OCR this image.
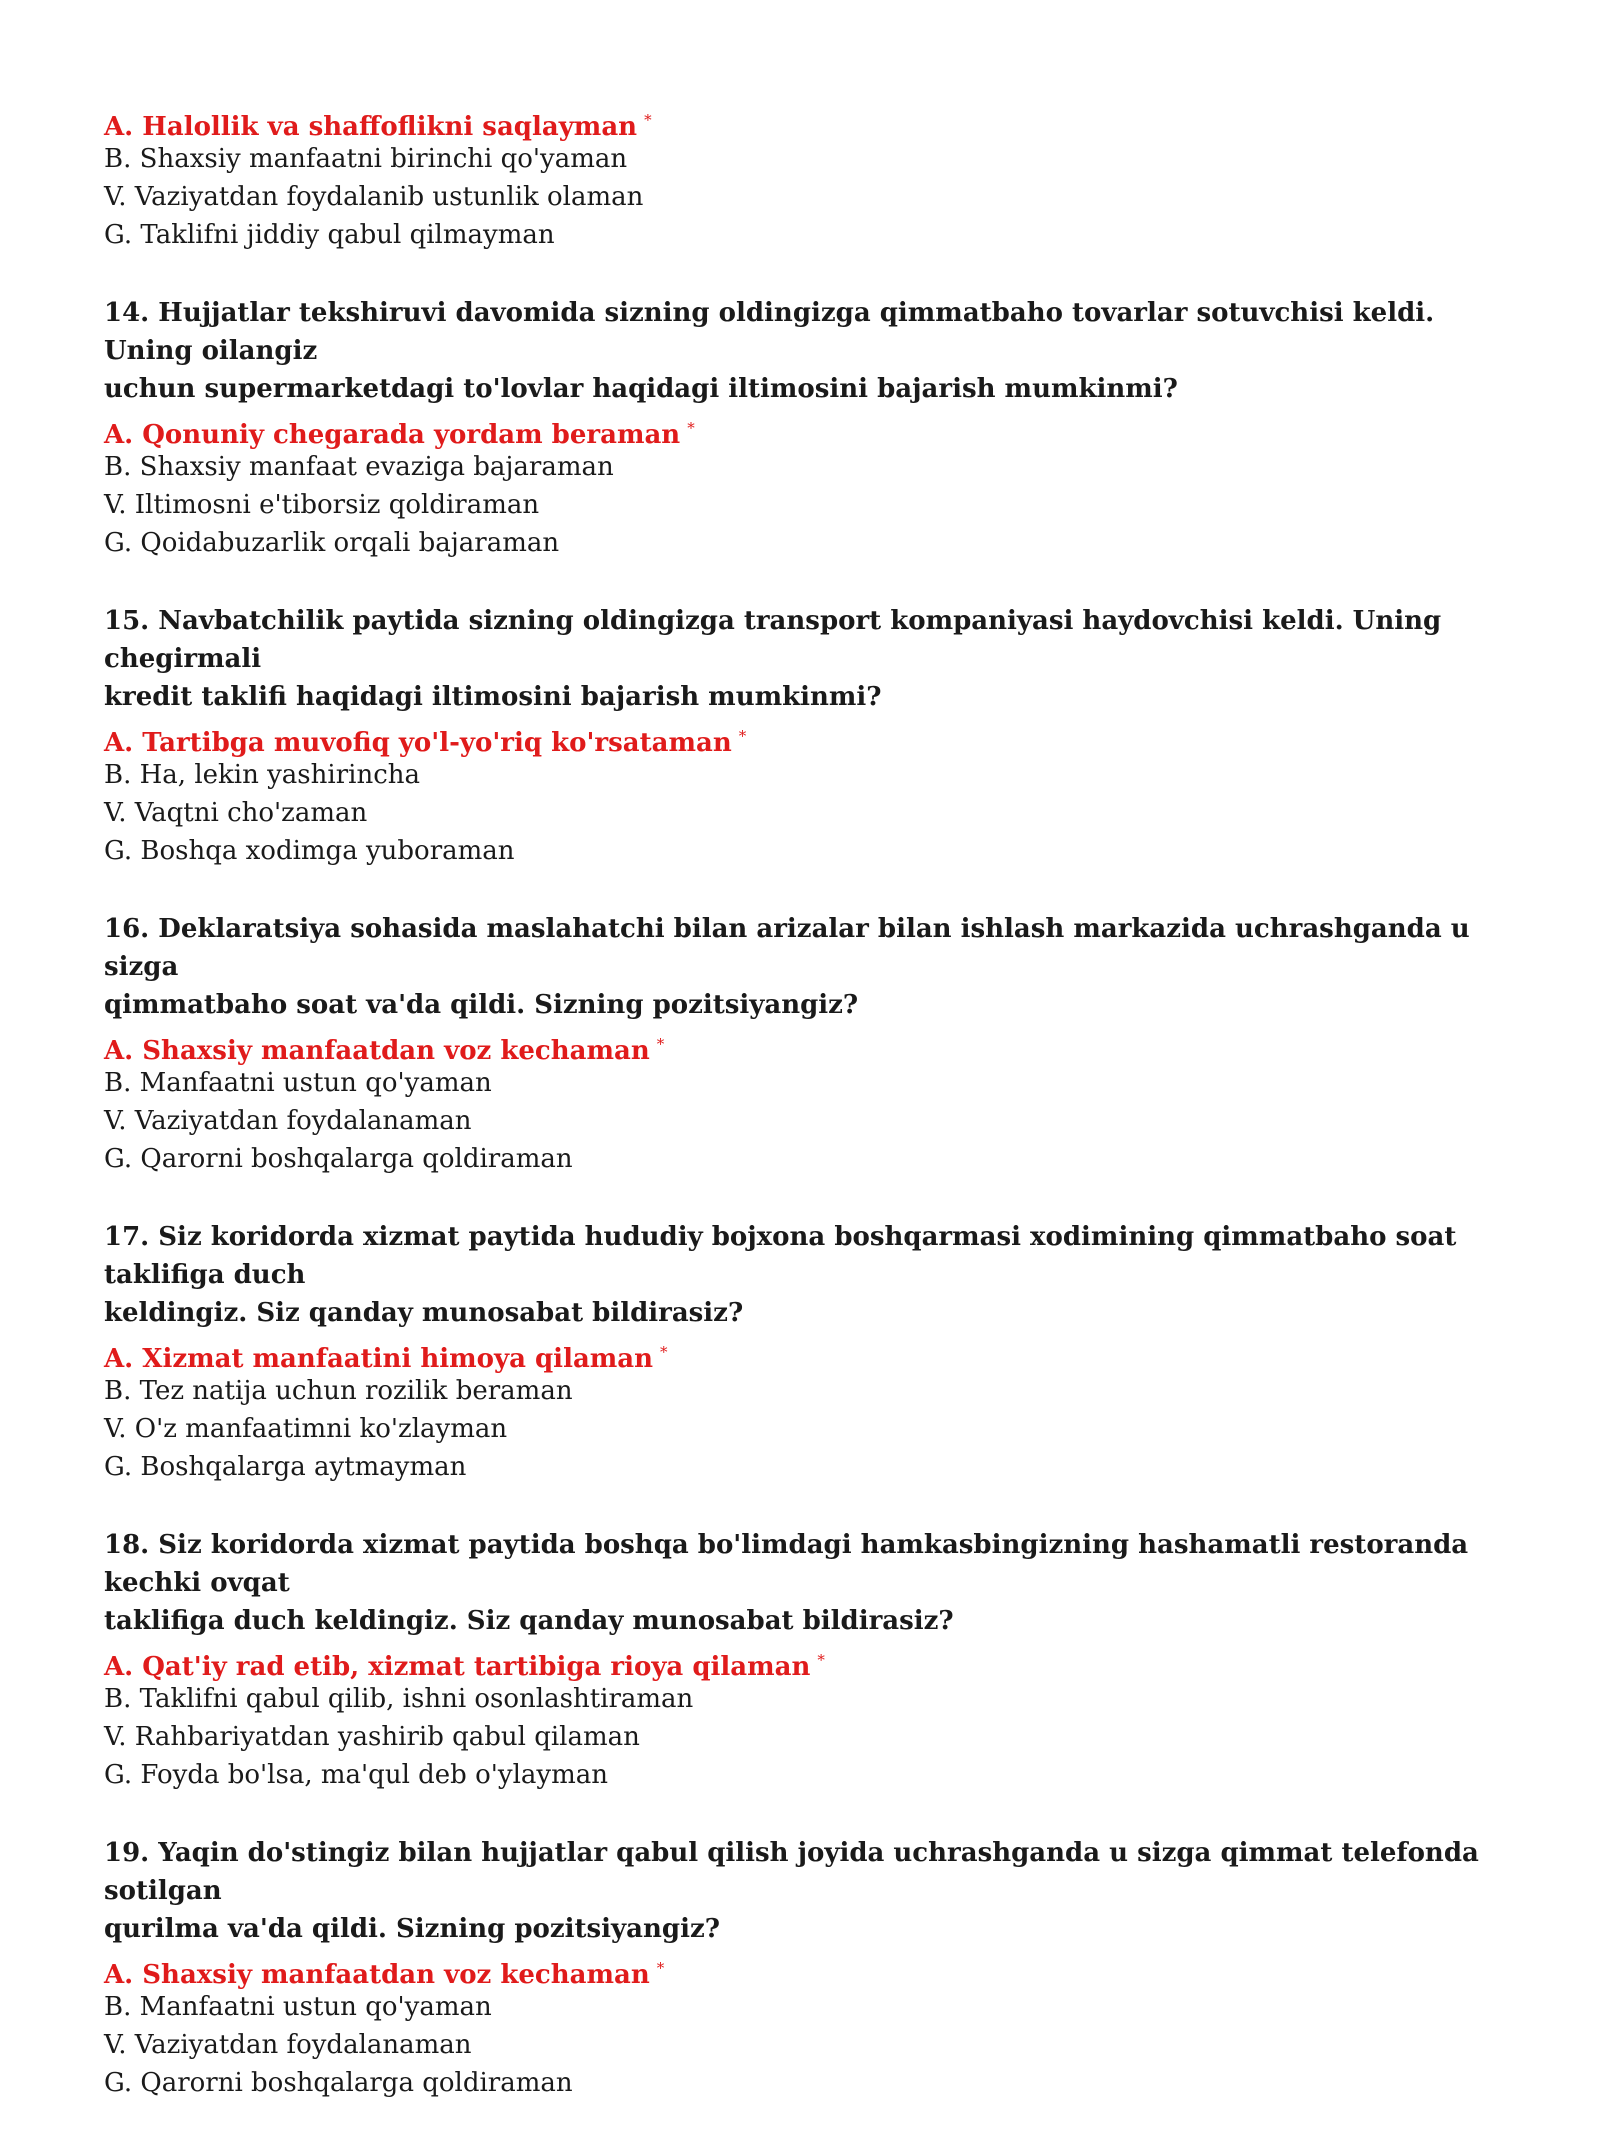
A. Halollik va shaffoflikni saqlayman *
B. Shaxsiy manfaatni birinchi qo'yaman
V. Vaziyatdan foydalanib ustunlik olaman
G. Taklifni jiddiy qabul qilmayman
14. Hujjatlar tekshiruvi davomida sizning oldingizga qimmatbaho tovarlar sotuvchisi keldi. Uning oilangiz
uchun supermarketdagi to'lovlar haqidagi iltimosini bajarish mumkinmi?
A. Qonuniy chegarada yordam beraman *
B. Shaxsiy manfaat evaziga bajaraman
V. Iltimosni e'tiborsiz qoldiraman
G. Qoidabuzarlik orqali bajaraman
15. Navbatchilik paytida sizning oldingizga transport kompaniyasi haydovchisi keldi. Uning chegirmali
kredit taklifi haqidagi iltimosini bajarish mumkinmi?
A. Tartibga muvofiq yo'l-yo'riq ko'rsataman *
B. Ha, lekin yashirincha
V. Vaqtni cho'zaman
G. Boshqa xodimga yuboraman
16. Deklaratsiya sohasida maslahatchi bilan arizalar bilan ishlash markazida uchrashganda u sizga
qimmatbaho soat va'da qildi. Sizning pozitsiyangiz?
A. Shaxsiy manfaatdan voz kechaman *
B. Manfaatni ustun qo'yaman
V. Vaziyatdan foydalanaman
G. Qarorni boshqalarga qoldiraman
17. Siz koridorda xizmat paytida hududiy bojxona boshqarmasi xodimining qimmatbaho soat taklifiga duch
keldingiz. Siz qanday munosabat bildirasiz?
A. Xizmat manfaatini himoya qilaman *
B. Tez natija uchun rozilik beraman
V. O'z manfaatimni ko'zlayman
G. Boshqalarga aytmayman
18. Siz koridorda xizmat paytida boshqa bo'limdagi hamkasbingizning hashamatli restoranda kechki ovqat
taklifiga duch keldingiz. Siz qanday munosabat bildirasiz?
A. Qat'iy rad etib, xizmat tartibiga rioya qilaman *
B. Taklifni qabul qilib, ishni osonlashtiraman
V. Rahbariyatdan yashirib qabul qilaman
G. Foyda bo'lsa, ma'qul deb o'ylayman
19. Yaqin do'stingiz bilan hujjatlar qabul qilish joyida uchrashganda u sizga qimmat telefonda sotilgan
qurilma va'da qildi. Sizning pozitsiyangiz?
A. Shaxsiy manfaatdan voz kechaman *
B. Manfaatni ustun qo'yaman
V. Vaziyatdan foydalanaman
G. Qarorni boshqalarga qoldiraman
